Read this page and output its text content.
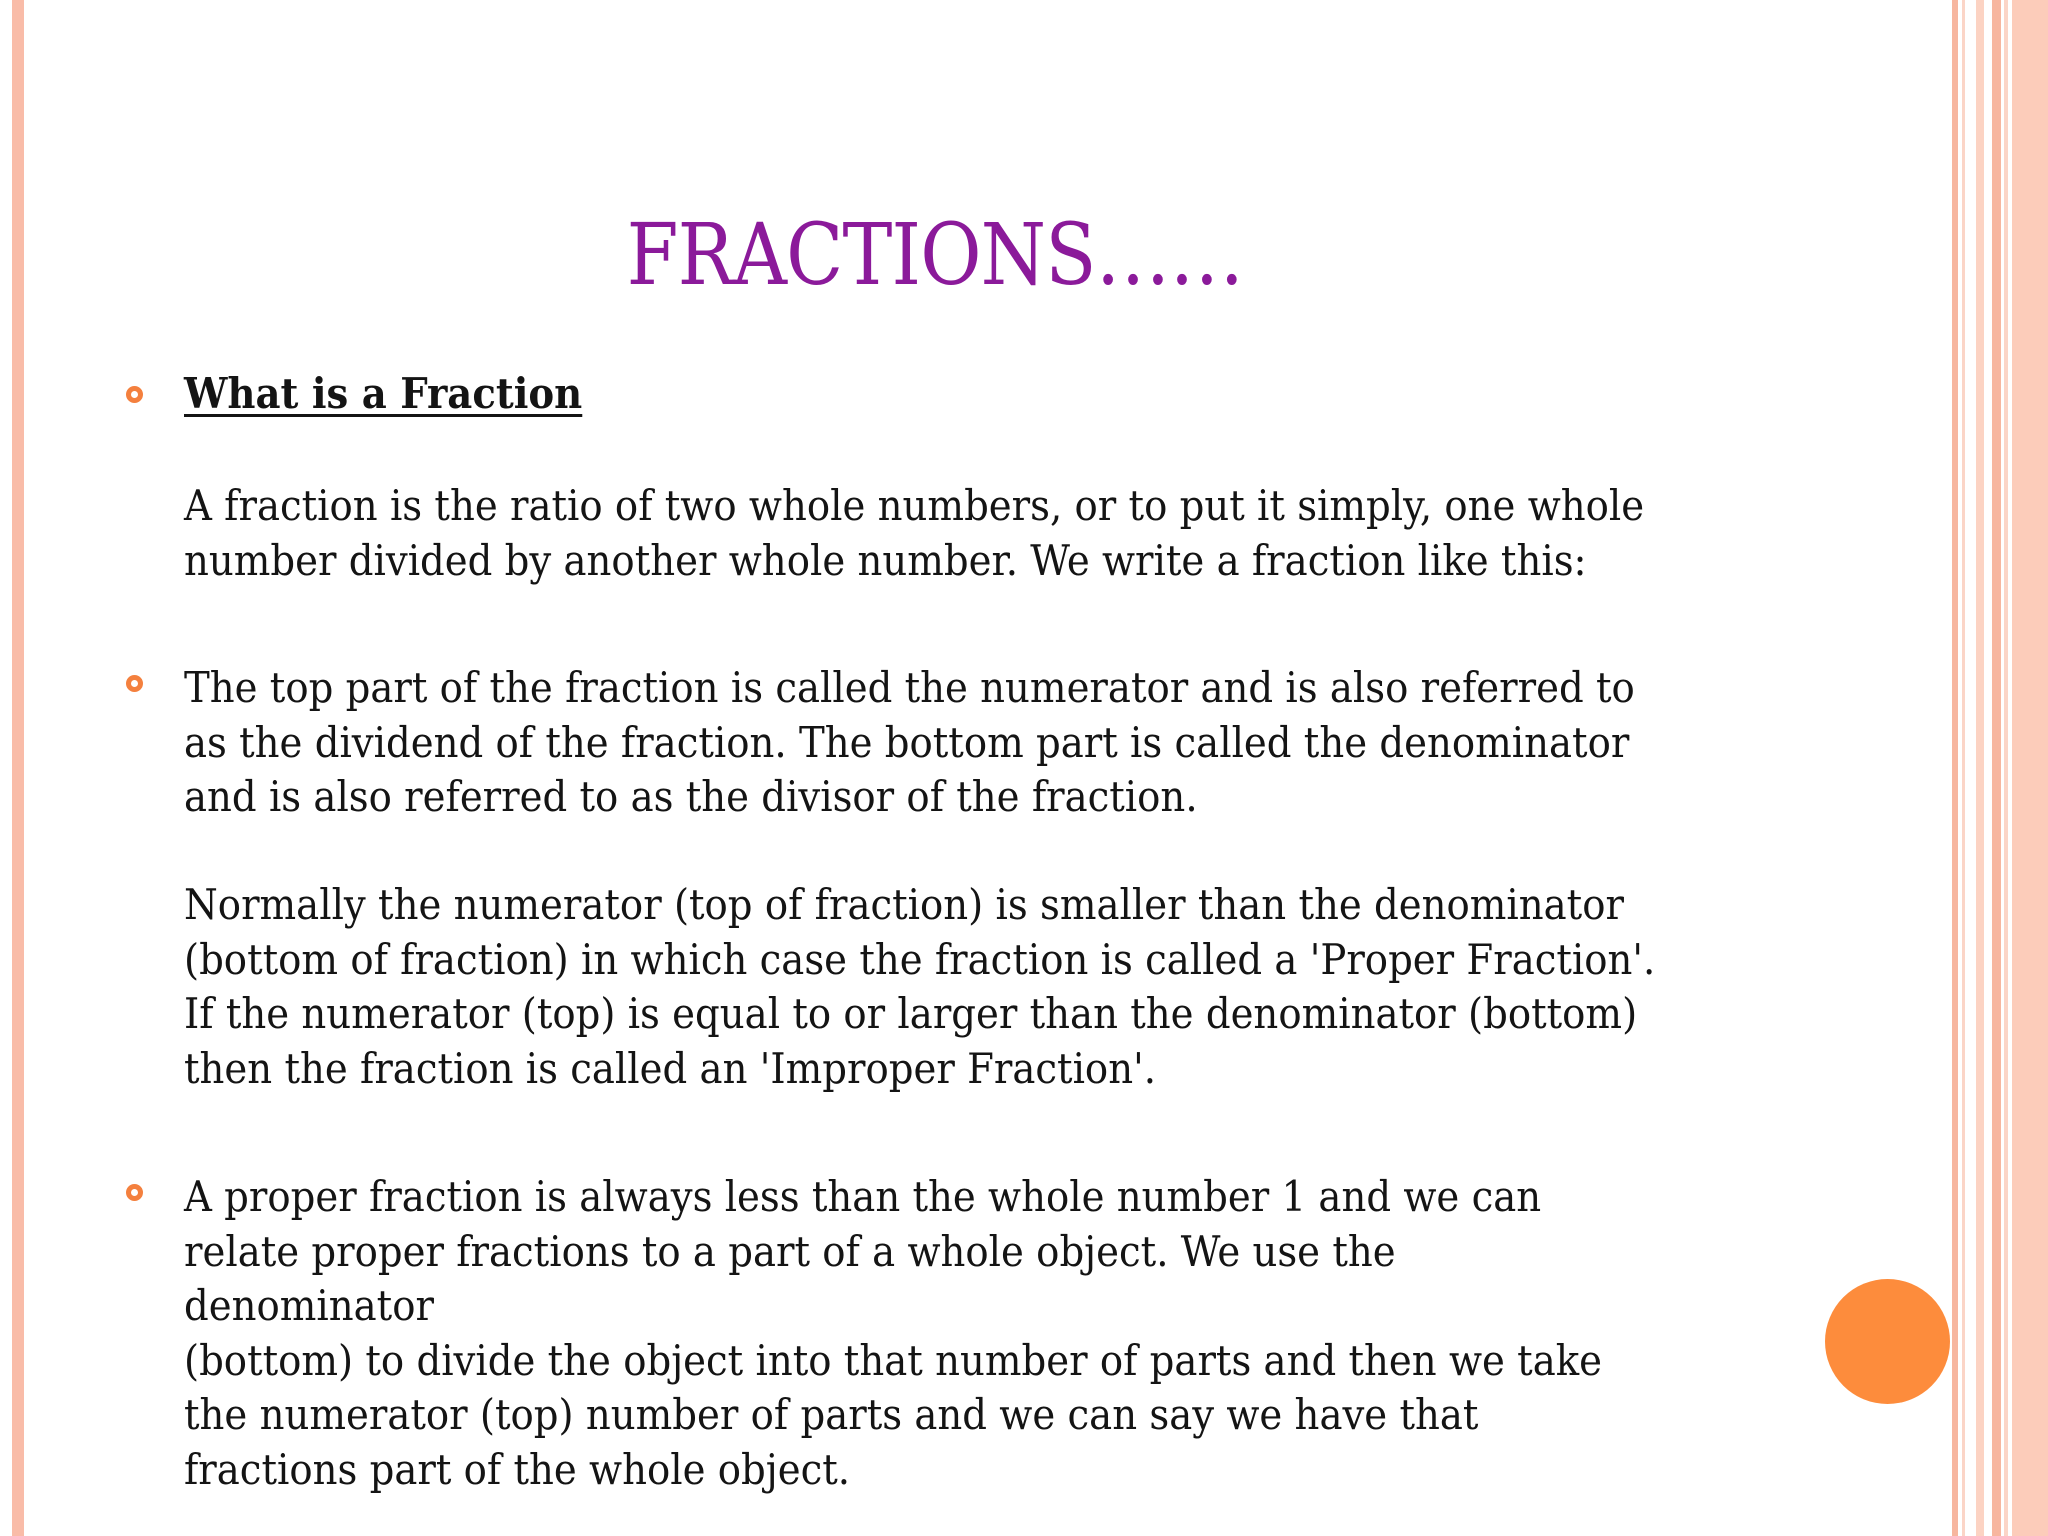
FRACTIONS……
What is a Fraction
A fraction is the ratio of two whole numbers, or to put it simply, one whole
number divided by another whole number. We write a fraction like this:
The top part of the fraction is called the numerator and is also referred to
as the dividend of the fraction. The bottom part is called the denominator
and is also referred to as the divisor of the fraction.
Normally the numerator (top of fraction) is smaller than the denominator
(bottom of fraction) in which case the fraction is called a 'Proper Fraction'.
If the numerator (top) is equal to or larger than the denominator (bottom)
then the fraction is called an 'Improper Fraction'.
A proper fraction is always less than the whole number 1 and we can
relate proper fractions to a part of a whole object. We use the denominator
(bottom) to divide the object into that number of parts and then we take
the numerator (top) number of parts and we can say we have that
fractions part of the whole object.
